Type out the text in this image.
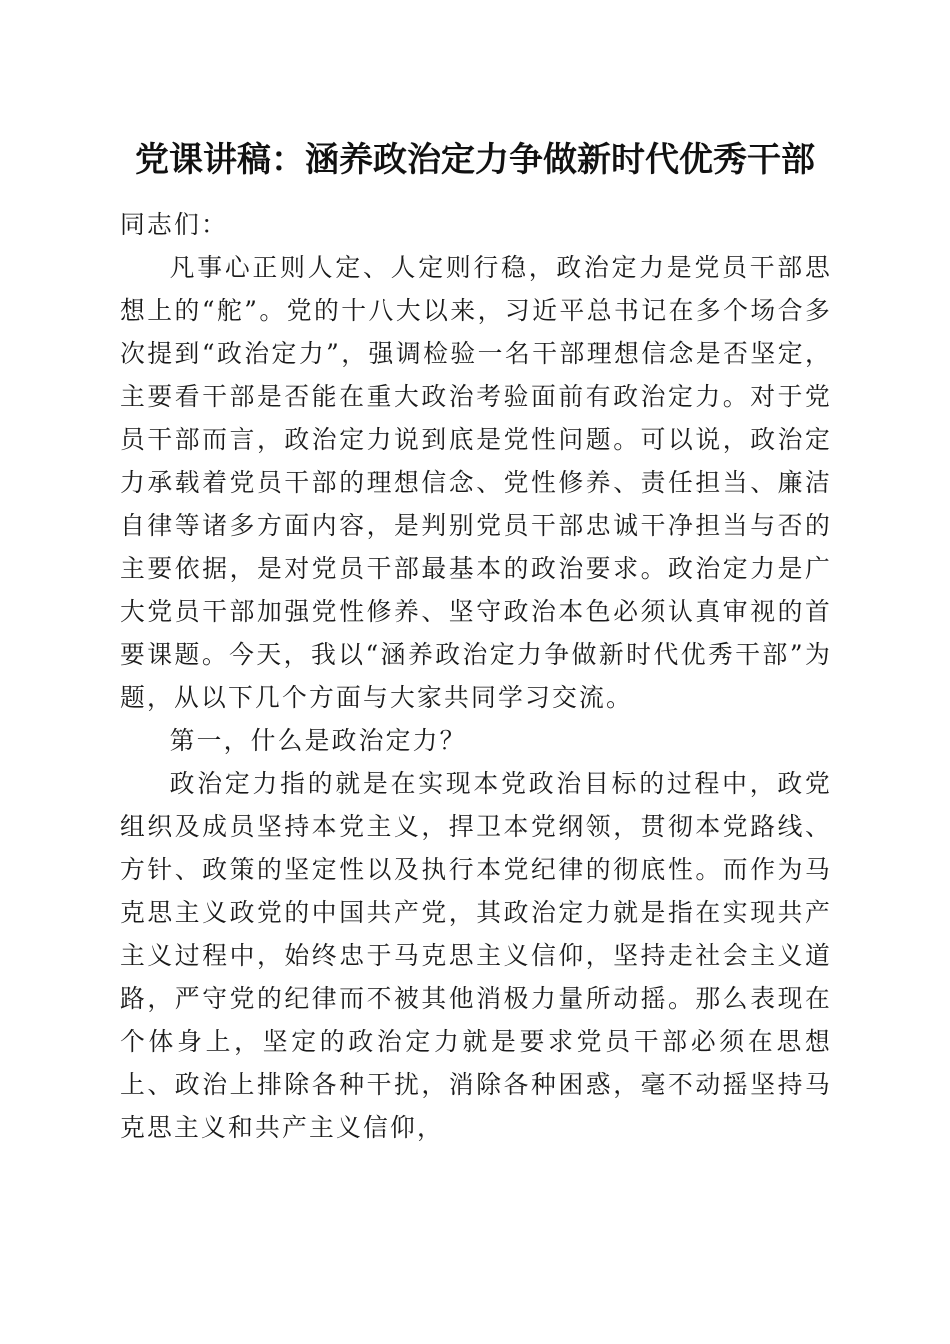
党课讲稿：涵养政治定力争做新时代优秀干部

同志们：

凡事心正则人定、人定则行稳，政治定力是党员干部思想上的“舵”。党的十八大以来，习近平总书记在多个场合多次提到“政治定力”，强调检验一名干部理想信念是否坚定，主要看干部是否能在重大政治考验面前有政治定力。对于党员干部而言，政治定力说到底是党性问题。可以说，政治定力承载着党员干部的理想信念、党性修养、责任担当、廉洁自律等诸多方面内容，是判别党员干部忠诚干净担当与否的主要依据，是对党员干部最基本的政治要求。政治定力是广大党员干部加强党性修养、坚守政治本色必须认真审视的首要课题。今天，我以“涵养政治定力争做新时代优秀干部”为题，从以下几个方面与大家共同学习交流。

第一，什么是政治定力？

政治定力指的就是在实现本党政治目标的过程中，政党组织及成员坚持本党主义，捍卫本党纲领，贯彻本党路线、方针、政策的坚定性以及执行本党纪律的彻底性。而作为马克思主义政党的中国共产党，其政治定力就是指在实现共产主义过程中，始终忠于马克思主义信仰，坚持走社会主义道路，严守党的纪律而不被其他消极力量所动摇。那么表现在个体身上，坚定的政治定力就是要求党员干部必须在思想上、政治上排除各种干扰，消除各种困惑，毫不动摇坚持马克思主义和共产主义信仰，
